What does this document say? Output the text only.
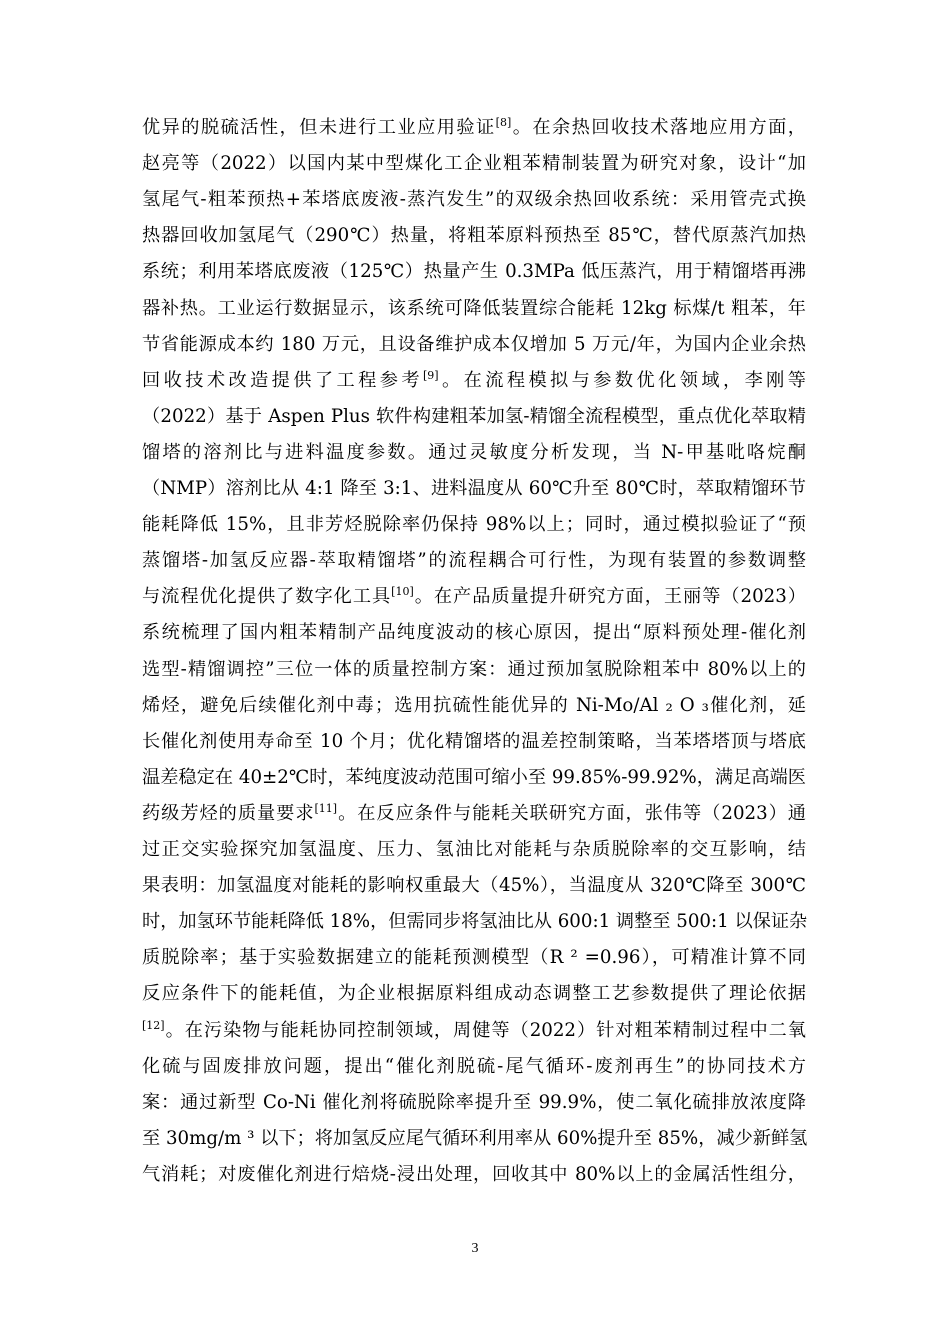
优异的脱硫活性，但未进行工业应用验证[8]。在余热回收技术落地应用方面，
赵亮等（2022）以国内某中型煤化工企业粗苯精制装置为研究对象，设计“加
氢尾气-粗苯预热+苯塔底废液-蒸汽发生”的双级余热回收系统：采用管壳式换
热器回收加氢尾气（290℃）热量，将粗苯原料预热至 85℃，替代原蒸汽加热
系统；利用苯塔底废液（125℃）热量产生 0.3MPa 低压蒸汽，用于精馏塔再沸
器补热。工业运行数据显示，该系统可降低装置综合能耗 12kg 标煤/t 粗苯，年
节省能源成本约 180 万元，且设备维护成本仅增加 5 万元/年，为国内企业余热
回收技术改造提供了工程参考[9]。在流程模拟与参数优化领域，李刚等
（2022）基于 Aspen Plus 软件构建粗苯加氢-精馏全流程模型，重点优化萃取精
馏塔的溶剂比与进料温度参数。通过灵敏度分析发现，当 N-甲基吡咯烷酮
（NMP）溶剂比从 4:1 降至 3:1、进料温度从 60℃升至 80℃时，萃取精馏环节
能耗降低 15%，且非芳烃脱除率仍保持 98%以上；同时，通过模拟验证了“预
蒸馏塔-加氢反应器-萃取精馏塔”的流程耦合可行性，为现有装置的参数调整
与流程优化提供了数字化工具[10]。在产品质量提升研究方面，王丽等（2023）
系统梳理了国内粗苯精制产品纯度波动的核心原因，提出“原料预处理-催化剂
选型-精馏调控”三位一体的质量控制方案：通过预加氢脱除粗苯中 80%以上的
烯烃，避免后续催化剂中毒；选用抗硫性能优异的 Ni-Mo/Al ₂ O ₃催化剂，延
长催化剂使用寿命至 10 个月；优化精馏塔的温差控制策略，当苯塔塔顶与塔底
温差稳定在 40±2℃时，苯纯度波动范围可缩小至 99.85%-99.92%，满足高端医
药级芳烃的质量要求[11]。在反应条件与能耗关联研究方面，张伟等（2023）通
过正交实验探究加氢温度、压力、氢油比对能耗与杂质脱除率的交互影响，结
果表明：加氢温度对能耗的影响权重最大（45%），当温度从 320℃降至 300℃
时，加氢环节能耗降低 18%，但需同步将氢油比从 600:1 调整至 500:1 以保证杂
质脱除率；基于实验数据建立的能耗预测模型（R ² =0.96），可精准计算不同
反应条件下的能耗值，为企业根据原料组成动态调整工艺参数提供了理论依据
[12]。在污染物与能耗协同控制领域，周健等（2022）针对粗苯精制过程中二氧
化硫与固废排放问题，提出“催化剂脱硫-尾气循环-废剂再生”的协同技术方
案：通过新型 Co-Ni 催化剂将硫脱除率提升至 99.9%，使二氧化硫排放浓度降
至 30mg/m ³ 以下；将加氢反应尾气循环利用率从 60%提升至 85%，减少新鲜氢
气消耗；对废催化剂进行焙烧-浸出处理，回收其中 80%以上的金属活性组分，
3
